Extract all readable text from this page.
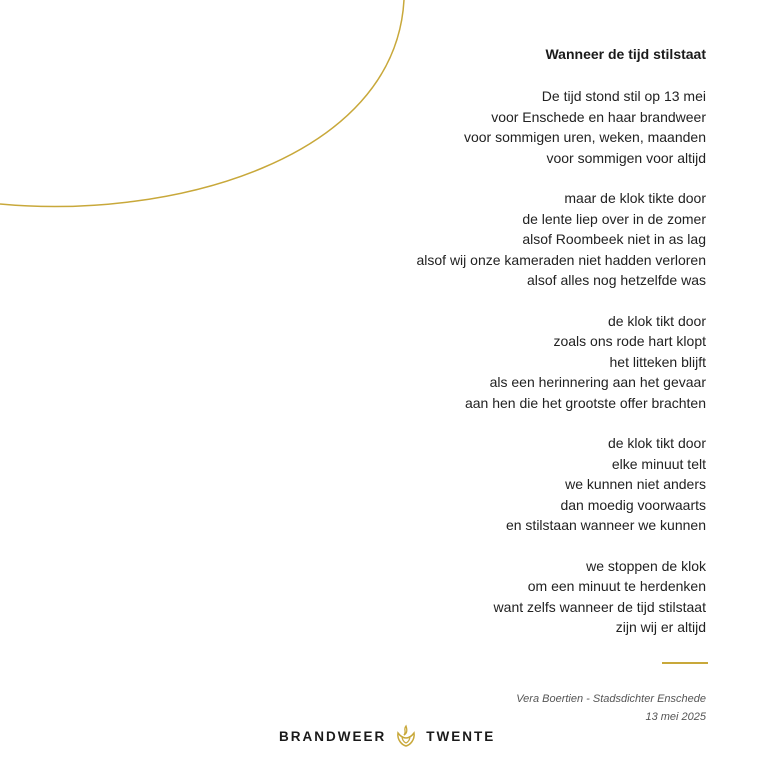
Wanneer de tijd stilstaat
De tijd stond stil op 13 mei
voor Enschede en haar brandweer
voor sommigen uren, weken, maanden
voor sommigen voor altijd
maar de klok tikte door
de lente liep over in de zomer
alsof Roombeek niet in as lag
alsof wij onze kameraden niet hadden verloren
alsof alles nog hetzelfde was
de klok tikt door
zoals ons rode hart klopt
het litteken blijft
als een herinnering aan het gevaar
aan hen die het grootste offer brachten
de klok tikt door
elke minuut telt
we kunnen niet anders
dan moedig voorwaarts
en stilstaan wanneer we kunnen
we stoppen de klok
om een minuut te herdenken
want zelfs wanneer de tijd stilstaat
zijn wij er altijd
Vera Boertien - Stadsdichter Enschede
13 mei 2025
BRANDWEER	TWENTE
